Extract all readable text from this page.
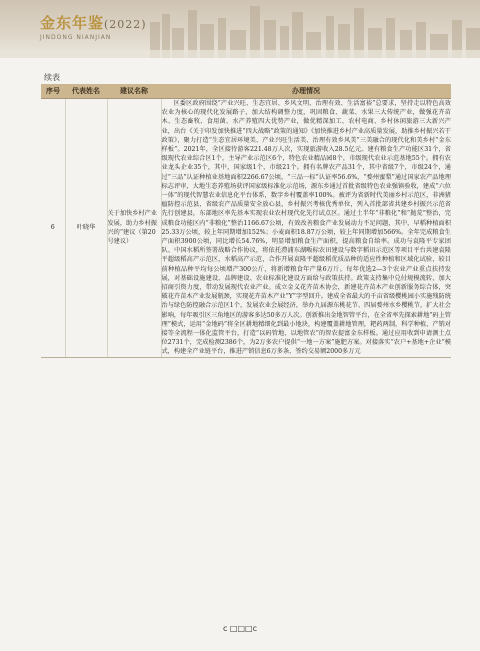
金东年鉴(2022)
JINDONG NIANJIAN
续表
序号	代表姓名	建议名称	办理情况
6	叶晓华	关于加快乡村产业发展，助力乡村振兴的“建议（第20号建议）	区委区政府围绕“产业兴旺、生态宜居、乡风文明、治理有效、生活富裕”总要求，坚持走以特色高效农业为核心的现代化发展路子，加大结构调整力度，巩固粮食、蔬菜、水果三大传统产业，做强花卉苗木、生态畜牧、食用菌、水产养殖四大优势产业，做优精深加工、农村电商、乡村休闲旅游三大新兴产业，出台《关于印发加快推进“四大战略”政策的通知》《加快推进乡村产业高质量发展，助推乡村振兴若干政策》，聚力打造“生态宜居环境美、产业兴旺生活美、治理有效乡风美”三美融合的现代化和美乡村“金东样板”。2021年，全区接待游客221.48万人次，实现旅游收入28.5亿元。建有粮食生产功能区31个，省级现代农业综合区1个，主导产业示范区6个，特色农业精品园8个，市级现代农业示范基地55个。拥有农业龙头企业35个，其中，国家级1个，市级21个。拥有名牌农产品31个，其中省级7个，市级24个，通过“三品”认证种植业基地面积2266.67公顷，“三品一标”认证率56.6%，“婺州蜜梨”通过国家农产品地理标志评审，大地生态养殖场获评国家级标准化示范场，源东乡通过首批省级特色农业强镇验收，建成“六位一体”的现代智慧农业信息化平台体系，数字乡村覆盖率100%。被评为省新时代美丽乡村示范区，非洲猪瘟防控示范县，省级农产品质量安全放心县，乡村振兴考核优秀单位，列入首批部省共建乡村振兴示范省先行创建县，东部地区率先基本实现农业农村现代化先行试点区。通过土半年“非粮化”和“抛荒”整治，完成粮食功能区内“非粮化”整治1166.67公顷，有效改善粮食产业发展动力不足问题，其中，早稻种植面积25.33万公顷，较上年同期增加152%；小麦面积18.87万公顷，较上年同期增加566%。全年完成粮食生产面积3900公顷，同比增长54.76%，明显增加粮食生产面积，提高粮食自给率。成功与袁隆平专家团队、中国水稻所签署战略合作协议，将依托澧浦东湖畈标农田建设与数字稻田示范区等项目平台共建袁隆平超级稻高产示范区，水稻高产示范，合作开展袁隆平超级稻优质品种的适应性种植和区域化试验，较目前种植品种平均每公顷增产300公斤，将新增粮食年产量6万斤。每年优选2—3个农业产业重点扶持发展，对基础设施建设、品牌建设、农业标准化建设方面给与政策扶持。政策支持集中兑付规模流转，加大招商引资力度，带动发展现代农业产业。成立金义花卉苗木协会，新建花卉苗木产业创新服务综合体，突破花卉苗木产业发展瓶颈，实现花卉苗木产业“Y”字型回升。建成全省最大的千亩省级樱桃园小实施残防统治与绿色防控融合示范区1个，发展农业会展经济，举办九届源东桃花节、四届婺州水乡樱桃节，扩大社会影响，每年吸引区三角地区的游客多达50多万人次。创新推出金地智管平台，在全省率先探索耕地“码上管理”模式，运用“金地码”将全区耕地精细化到最小地块，构建覆盖耕地管理，耙药两制，科学种植、产销对接等全流程一体化监管平台，打造“以码管地、以地管农”的智农提富金东样板。通过应用收到申请测土点位2731个，完成检测2386个，为2万多农户提供“一地一方案”施肥方案。对接落实“农户+基地+企业”模式，构建全产业链平台，推进产销信息6万多条，签约交易额2000多万元

c □□□c
